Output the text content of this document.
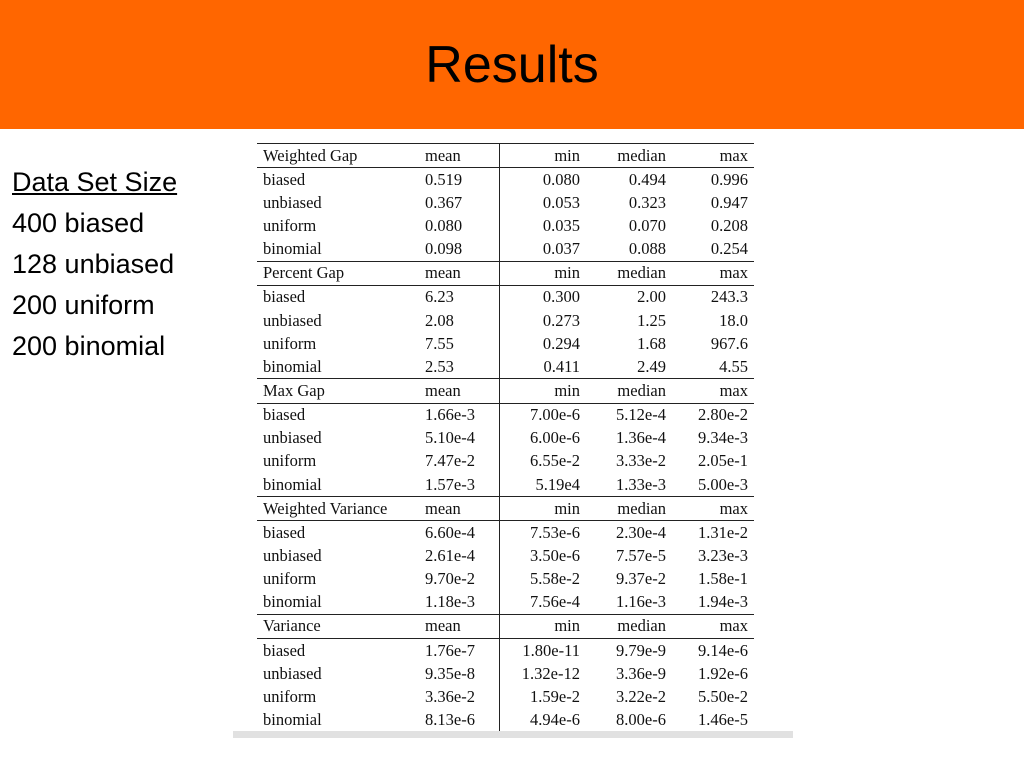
Results
Data Set Size
400 biased
128 unbiased
200 uniform
200 binomial
Weighted Gap	mean	min	median	max
biased	0.519	0.080	0.494	0.996
unbiased	0.367	0.053	0.323	0.947
uniform	0.080	0.035	0.070	0.208
binomial	0.098	0.037	0.088	0.254
Percent Gap	mean	min	median	max
biased	6.23	0.300	2.00	243.3
unbiased	2.08	0.273	1.25	18.0
uniform	7.55	0.294	1.68	967.6
binomial	2.53	0.411	2.49	4.55
Max Gap	mean	min	median	max
biased	1.66e-3	7.00e-6	5.12e-4	2.80e-2
unbiased	5.10e-4	6.00e-6	1.36e-4	9.34e-3
uniform	7.47e-2	6.55e-2	3.33e-2	2.05e-1
binomial	1.57e-3	5.19e4	1.33e-3	5.00e-3
Weighted Variance	mean	min	median	max
biased	6.60e-4	7.53e-6	2.30e-4	1.31e-2
unbiased	2.61e-4	3.50e-6	7.57e-5	3.23e-3
uniform	9.70e-2	5.58e-2	9.37e-2	1.58e-1
binomial	1.18e-3	7.56e-4	1.16e-3	1.94e-3
Variance	mean	min	median	max
biased	1.76e-7	1.80e-11	9.79e-9	9.14e-6
unbiased	9.35e-8	1.32e-12	3.36e-9	1.92e-6
uniform	3.36e-2	1.59e-2	3.22e-2	5.50e-2
binomial	8.13e-6	4.94e-6	8.00e-6	1.46e-5
